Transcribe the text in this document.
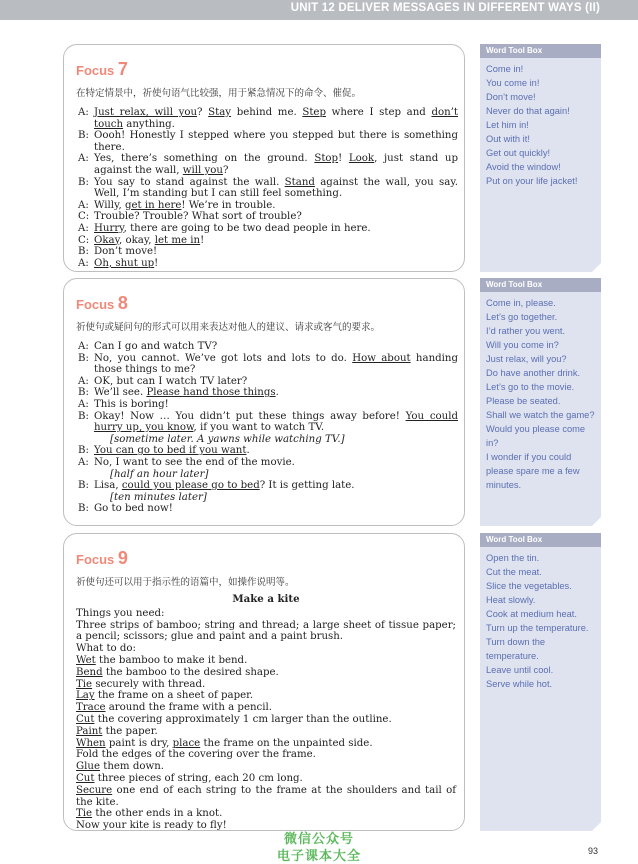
UNIT 12 DELIVER MESSAGES IN DIFFERENT WAYS (II)
Focus 7
在特定情景中，祈使句语气比较强，用于紧急情况下的命令、催促。
A: Just relax, will you? Stay behind me. Step where I step and don’t touch anything.
B: Oooh! Honestly I stepped where you stepped but there is something there.
A: Yes, there’s something on the ground. Stop! Look, just stand up against the wall, will you?
B: You say to stand against the wall. Stand against the wall, you say. Well, I’m standing but I can still feel something.
A: Willy, get in here! We’re in trouble.
C: Trouble? Trouble? What sort of trouble?
A: Hurry, there are going to be two dead people in here.
C: Okay, okay, let me in!
B: Don’t move!
A: Oh, shut up!
Focus 8
祈使句或疑问句的形式可以用来表达对他人的建议、请求或客气的要求。
A: Can I go and watch TV?
B: No, you cannot. We’ve got lots and lots to do. How about handing those things to me?
A: OK, but can I watch TV later?
B: We’ll see. Please hand those things.
A: This is boring!
B: Okay! Now … You didn’t put these things away before! You could hurry up, you know, if you want to watch TV.
[sometime later. A yawns while watching TV.]
B: You can go to bed if you want.
A: No, I want to see the end of the movie.
[half an hour later]
B: Lisa, could you please go to bed? It is getting late.
[ten minutes later]
B: Go to bed now!
Focus 9
祈使句还可以用于指示性的语篇中，如操作说明等。
Make a kite
Things you need:
Three strips of bamboo; string and thread; a large sheet of tissue paper; a pencil; scissors; glue and paint and a paint brush.
What to do:
Wet the bamboo to make it bend.
Bend the bamboo to the desired shape.
Tie securely with thread.
Lay the frame on a sheet of paper.
Trace around the frame with a pencil.
Cut the covering approximately 1 cm larger than the outline.
Paint the paper.
When paint is dry, place the frame on the unpainted side.
Fold the edges of the covering over the frame.
Glue them down.
Cut three pieces of string, each 20 cm long.
Secure one end of each string to the frame at the shoulders and tail of the kite.
Tie the other ends in a knot.
Now your kite is ready to fly!
Word Tool Box
Come in!
You come in!
Don’t move!
Never do that again!
Let him in!
Out with it!
Get out quickly!
Avoid the window!
Put on your life jacket!
Word Tool Box
Come in, please.
Let’s go together.
I’d rather you went.
Will you come in?
Just relax, will you?
Do have another drink.
Let’s go to the movie.
Please be seated.
Shall we watch the game?
Would you please come in?
I wonder if you could please spare me a few minutes.
Word Tool Box
Open the tin.
Cut the meat.
Slice the vegetables.
Heat slowly.
Cook at medium heat.
Turn up the temperature.
Turn down the temperature.
Leave until cool.
Serve while hot.
微信公众号
电子课本大全	93
